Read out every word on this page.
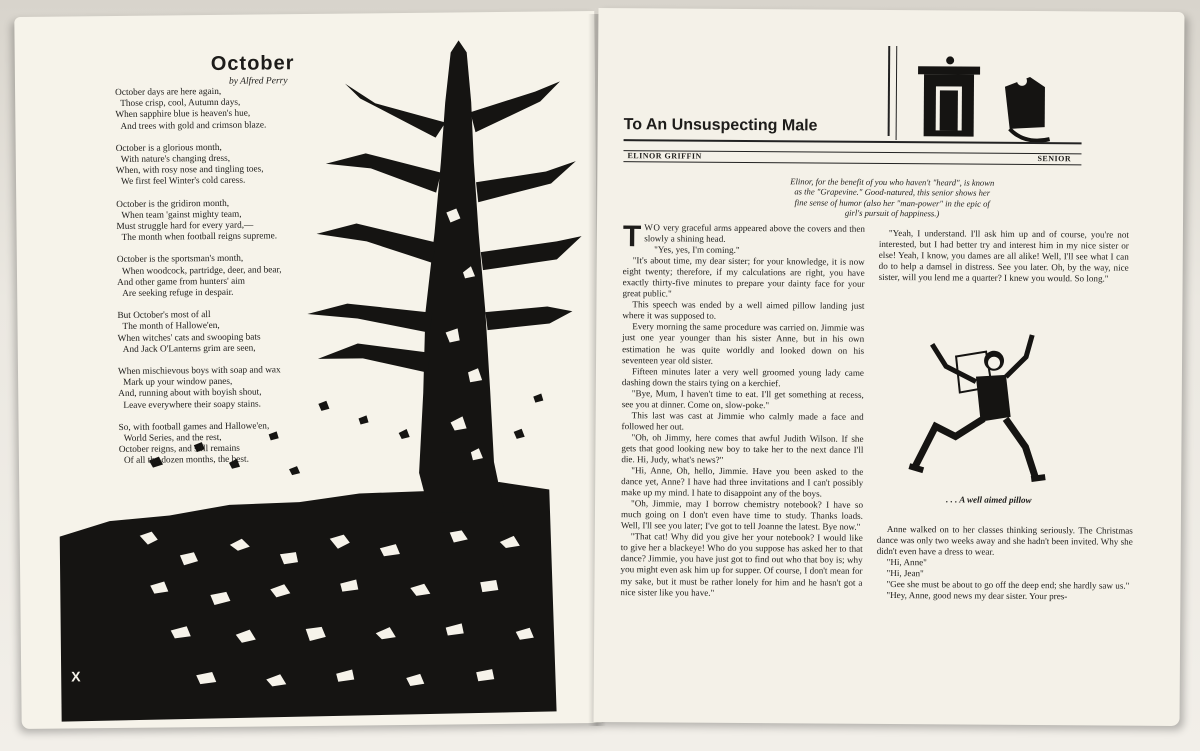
October
by Alfred Perry
October days are here again,
Those crisp, cool, Autumn days,
When sapphire blue is heaven's hue,
And trees with gold and crimson blaze.
October is a glorious month,
With nature's changing dress,
When, with rosy nose and tingling toes,
We first feel Winter's cold caress.
October is the gridiron month,
When team 'gainst mighty team,
Must struggle hard for every yard,—
The month when football reigns supreme.
October is the sportsman's month,
When woodcock, partridge, deer, and bear,
And other game from hunters' aim
Are seeking refuge in despair.
But October's most of all
The month of Hallowe'en,
When witches' cats and swooping bats
And Jack O'Lanterns grim are seen,
When mischievous boys with soap and wax
Mark up your window panes,
And, running about with boyish shout,
Leave everywhere their soapy stains.
So, with football games and Hallowe'en,
World Series, and the rest,
October reigns, and still remains
Of all the dozen months, the best.
X
To An Unsuspecting Male
ELINOR GRIFFIN	SENIOR
Elinor, for the benefit of you who haven't "heard", is known as the "Grapevine." Good-natured, this senior shows her fine sense of humor (also her "man-power" in the epic of girl's pursuit of happiness.)

TWO very graceful arms appeared above the covers and then slowly a shining head.

"Yes, yes, I'm coming."

"It's about time, my dear sister; for your knowledge, it is now eight twenty; therefore, if my calculations are right, you have exactly thirty-five minutes to prepare your dainty face for your great public."

This speech was ended by a well aimed pillow landing just where it was supposed to.

Every morning the same procedure was carried on. Jimmie was just one year younger than his sister Anne, but in his own estimation he was quite worldly and looked down on his seventeen year old sister.

Fifteen minutes later a very well groomed young lady came dashing down the stairs tying on a kerchief.

"Bye, Mum, I haven't time to eat. I'll get something at recess, see you at dinner. Come on, slow-poke."

This last was cast at Jimmie who calmly made a face and followed her out.

"Oh, oh Jimmy, here comes that awful Judith Wilson. If she gets that good looking new boy to take her to the next dance I'll die. Hi, Judy, what's news?"

"Hi, Anne, Oh, hello, Jimmie. Have you been asked to the dance yet, Anne? I have had three invitations and I can't possibly make up my mind. I hate to disappoint any of the boys.

"Oh, Jimmie, may I borrow chemistry notebook? I have so much going on I don't even have time to study. Thanks loads. Well, I'll see you later; I've got to tell Joanne the latest. Bye now."

"That cat! Why did you give her your notebook? I would like to give her a blackeye! Who do you suppose has asked her to that dance? Jimmie, you have just got to find out who that boy is; why you might even ask him up for supper. Of course, I don't mean for my sake, but it must be rather lonely for him and he hasn't got a nice sister like you have."

"Yeah, I understand. I'll ask him up and of course, you're not interested, but I had better try and interest him in my nice sister or else! Yeah, I know, you dames are all alike! Well, I'll see what I can do to help a damsel in distress. See you later. Oh, by the way, nice sister, will you lend me a quarter? I knew you would. So long."

. . . A well aimed pillow

Anne walked on to her classes thinking seriously. The Christmas dance was only two weeks away and she hadn't been invited. Why she didn't even have a dress to wear.

"Hi, Anne"

"Hi, Jean"

"Gee she must be about to go off the deep end; she hardly saw us."

"Hey, Anne, good news my dear sister. Your pres-
